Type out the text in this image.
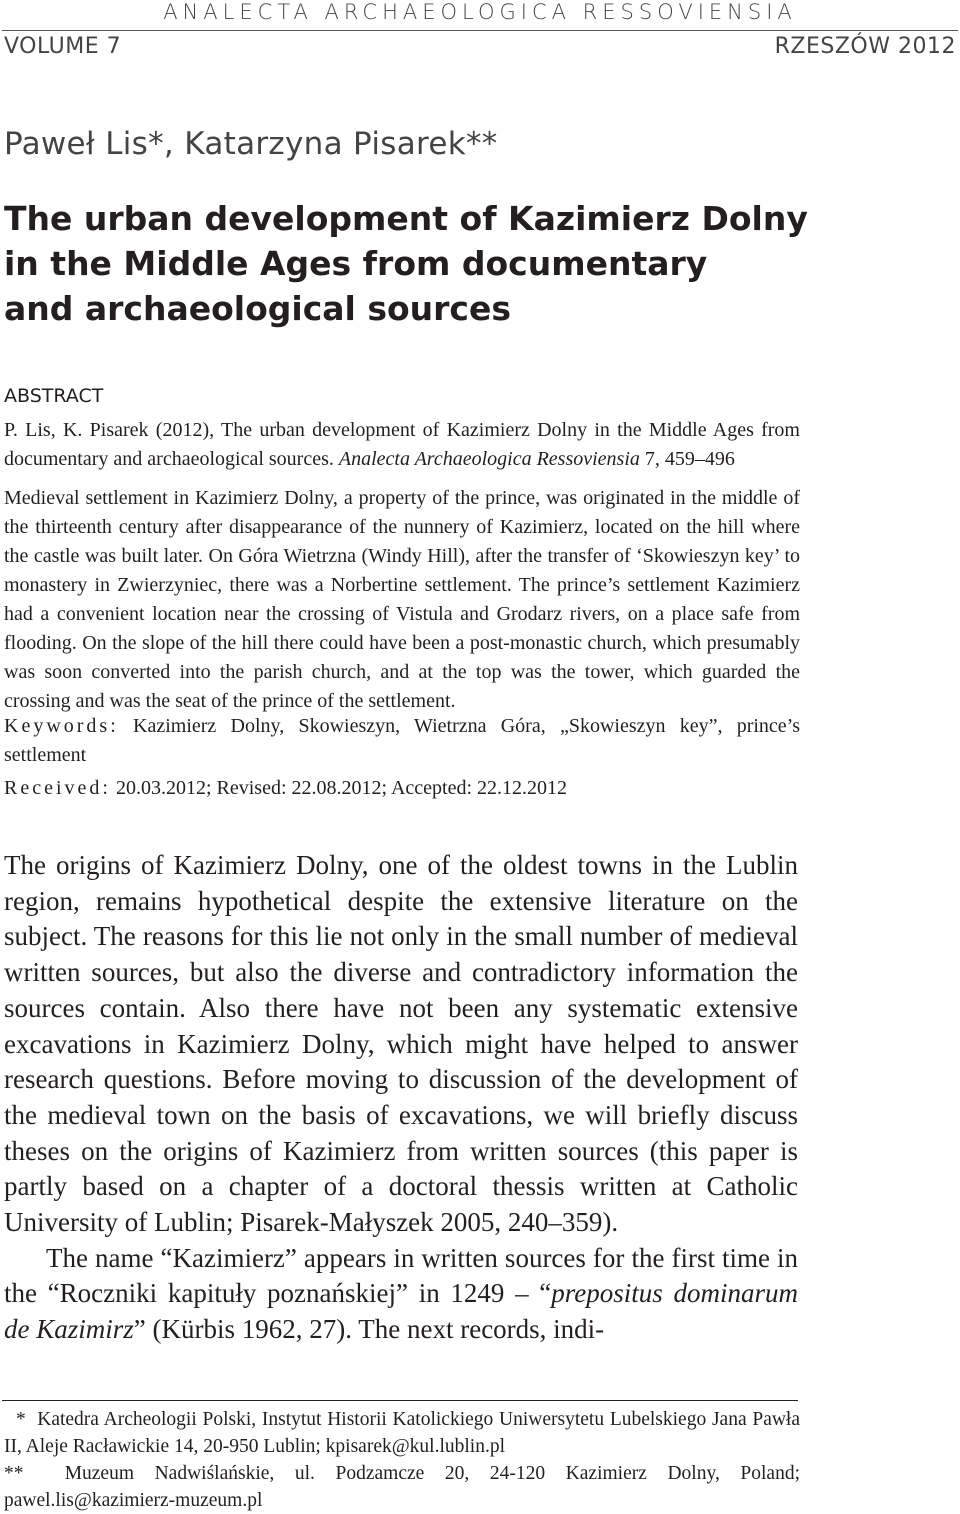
ANALECTA ARCHAEOLOGICA RESSOVIENSIA
VOLUME 7	RZESZÓW 2012
Paweł Lis*, Katarzyna Pisarek**
The urban development of Kazimierz Dolny
in the Middle Ages from documentary
and archaeological sources
ABSTRACT
P. Lis, K. Pisarek (2012), The urban development of Kazimierz Dolny in the Middle Ages from documentary and archaeological sources. Analecta Archaeologica Ressoviensia 7, 459–496
Medieval settlement in Kazimierz Dolny, a property of the prince, was originated in the middle of the thirteenth century after disappearance of the nunnery of Kazimierz, located on the hill where the castle was built later. On Góra Wietrzna (Windy Hill), after the transfer of ‘Skowieszyn key’ to monastery in Zwierzyniec, there was a Norbertine settlement. The prince’s settlement Kazimierz had a convenient location near the crossing of Vistula and Grodarz rivers, on a place safe from flooding. On the slope of the hill there could have been a post-monastic church, which presumably was soon converted into the parish church, and at the top was the tower, which guarded the crossing and was the seat of the prince of the settlement.
Keywords: Kazimierz Dolny, Skowieszyn, Wietrzna Góra, „Skowieszyn key”, prince’s settlement
Received: 20.03.2012; Revised: 22.08.2012; Accepted: 22.12.2012

The origins of Kazimierz Dolny, one of the oldest towns in the Lublin region, remains hypothetical despite the extensive literature on the subject. The reasons for this lie not only in the small number of medieval written sources, but also the diverse and contradictory information the sources contain. Also there have not been any systematic extensive excavations in Kazimierz Dolny, which might have helped to answer research questions. Before moving to discussion of the development of the medieval town on the basis of excavations, we will briefly discuss theses on the origins of Kazimierz from written sources (this paper is partly based on a chapter of a doctoral thessis written at Catholic University of Lublin; Pisarek-Małyszek 2005, 240–359).

The name “Kazimierz” appears in written sources for the first time in the “Roczniki kapituły poznańskiej” in 1249 – “prepositus dominarum de Kazimirz” (Kürbis 1962, 27). The next records, indi-

* Katedra Archeologii Polski, Instytut Historii Katolickiego Uniwersytetu Lubelskiego Jana Pawła II, Aleje Racławickie 14, 20-950 Lublin; kpisarek@kul.lublin.pl
** Muzeum Nadwiślańskie, ul. Podzamcze 20, 24-120 Kazimierz Dolny, Poland; pawel.lis@kazimierz-muzeum.pl
